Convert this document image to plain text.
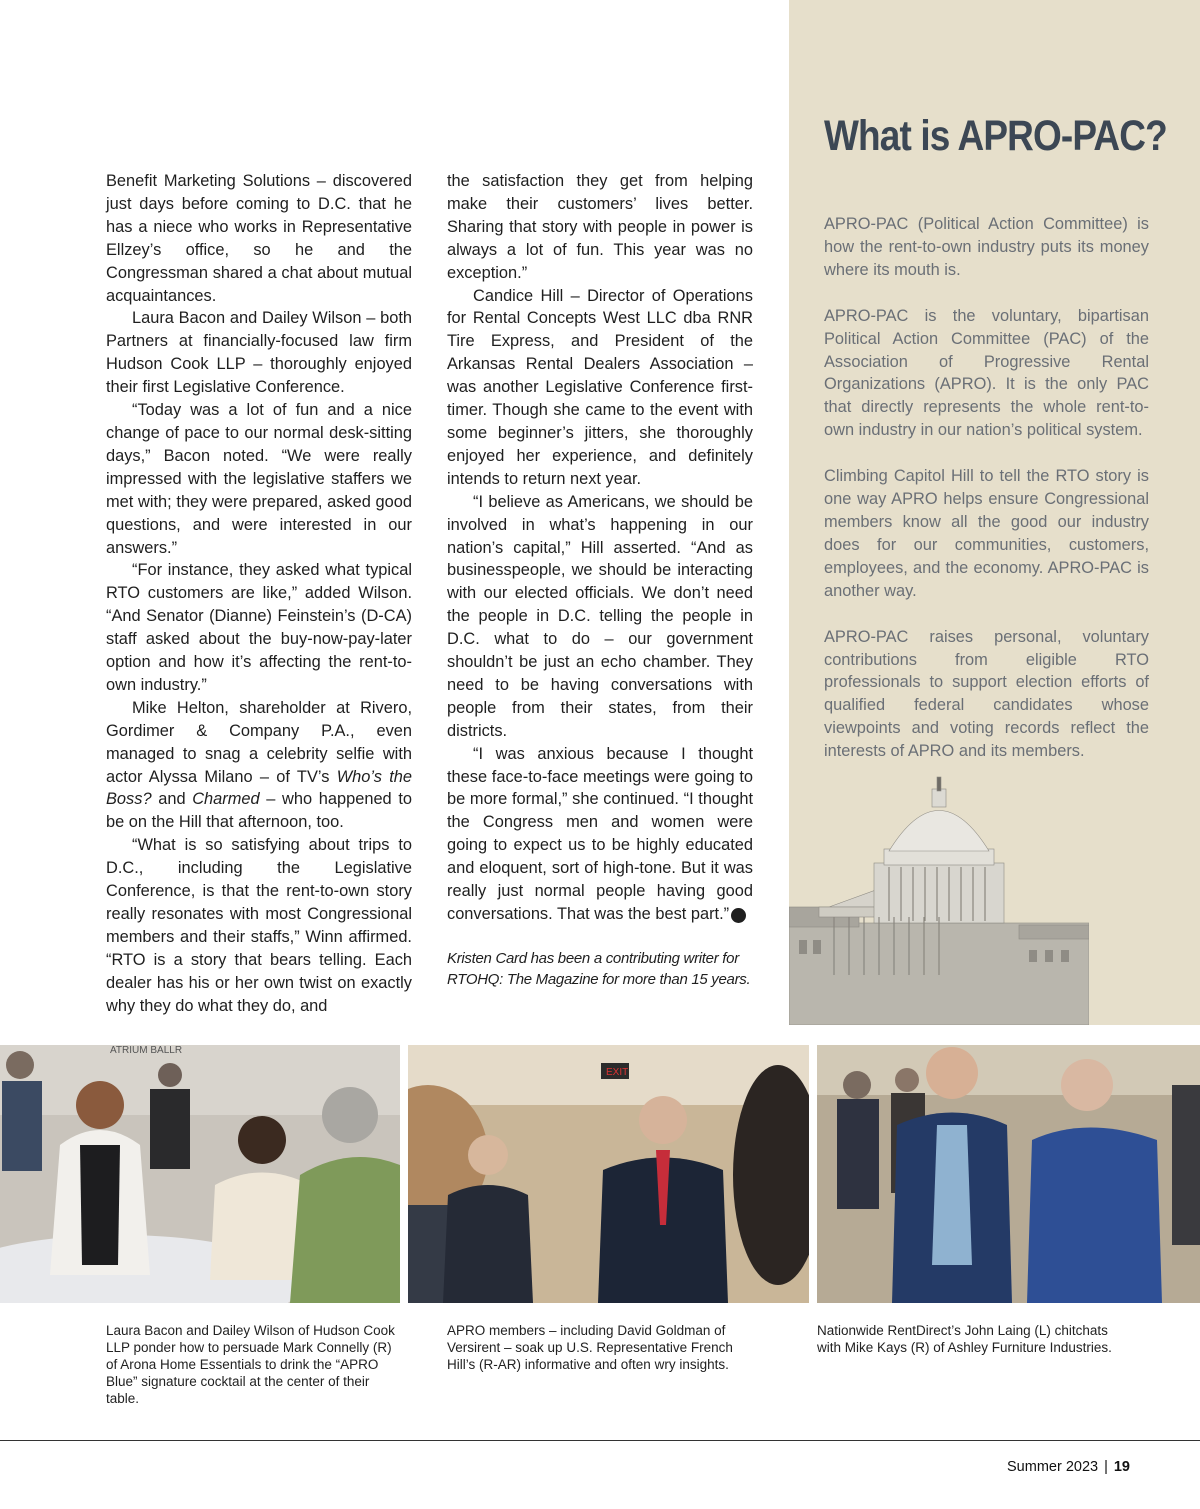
Benefit Marketing Solutions – discovered just days before coming to D.C. that he has a niece who works in Representative Ellzey’s office, so he and the Congressman shared a chat about mutual acquaintances.

Laura Bacon and Dailey Wilson – both Partners at financially-focused law firm Hudson Cook LLP – thoroughly enjoyed their first Legislative Conference.

“Today was a lot of fun and a nice change of pace to our normal desk-sitting days,” Bacon noted. “We were really impressed with the legislative staffers we met with; they were prepared, asked good questions, and were interested in our answers.”

“For instance, they asked what typical RTO customers are like,” added Wilson. “And Senator (Dianne) Feinstein’s (D-CA) staff asked about the buy-now-pay-later option and how it’s affecting the rent-to-own industry.”

Mike Helton, shareholder at Rivero, Gordimer & Company P.A., even managed to snag a celebrity selfie with actor Alyssa Milano – of TV’s Who’s the Boss? and Charmed – who happened to be on the Hill that afternoon, too.

“What is so satisfying about trips to D.C., including the Legislative Conference, is that the rent-to-own story really resonates with most Congressional members and their staffs,” Winn affirmed. “RTO is a story that bears telling. Each dealer has his or her own twist on exactly why they do what they do, and

the satisfaction they get from helping make their customers’ lives better. Sharing that story with people in power is always a lot of fun. This year was no exception.”

Candice Hill – Director of Operations for Rental Concepts West LLC dba RNR Tire Express, and President of the Arkansas Rental Dealers Association – was another Legislative Conference first-timer. Though she came to the event with some beginner’s jitters, she thoroughly enjoyed her experience, and definitely intends to return next year.

“I believe as Americans, we should be involved in what’s happening in our nation’s capital,” Hill asserted. “And as businesspeople, we should be interacting with our elected officials. We don’t need the people in D.C. telling the people in D.C. what to do – our government shouldn’t be just an echo chamber. They need to be having conversations with people from their states, from their districts.

“I was anxious because I thought these face-to-face meetings were going to be more formal,” she continued. “I thought the Congress men and women were going to expect us to be highly educated and eloquent, sort of high-tone. But it was really just normal people having good conversations. That was the best part.”	a

Kristen Card has been a contributing writer for RTOHQ: The Magazine for more than 15 years.
What is APRO-PAC?

APRO-PAC (Political Action Committee) is how the rent-to-own industry puts its money where its mouth is.

APRO-PAC is the voluntary, bipartisan Political Action Committee (PAC) of the Association of Progressive Rental Organizations (APRO). It is the only PAC that directly represents the whole rent-to-own industry in our nation’s political system.

Climbing Capitol Hill to tell the RTO story is one way APRO helps ensure Congressional members know all the good our industry does for our communities, customers, employees, and the economy. APRO-PAC is another way.

APRO-PAC raises personal, voluntary contributions from eligible RTO professionals to support election efforts of qualified federal candidates whose viewpoints and voting records reflect the interests of APRO and its members.

ATRIUM BALLR
EXIT
Laura Bacon and Dailey Wilson of Hudson Cook LLP ponder how to persuade Mark Connelly (R) of Arona Home Essentials to drink the “APRO Blue” signature cocktail at the center of their table.
APRO members – including David Goldman of Versirent – soak up U.S. Representative French Hill’s (R-AR) informative and often wry insights.
Nationwide RentDirect’s John Laing (L) chitchats with Mike Kays (R) of Ashley Furniture Industries.
Summer 2023 | 19
